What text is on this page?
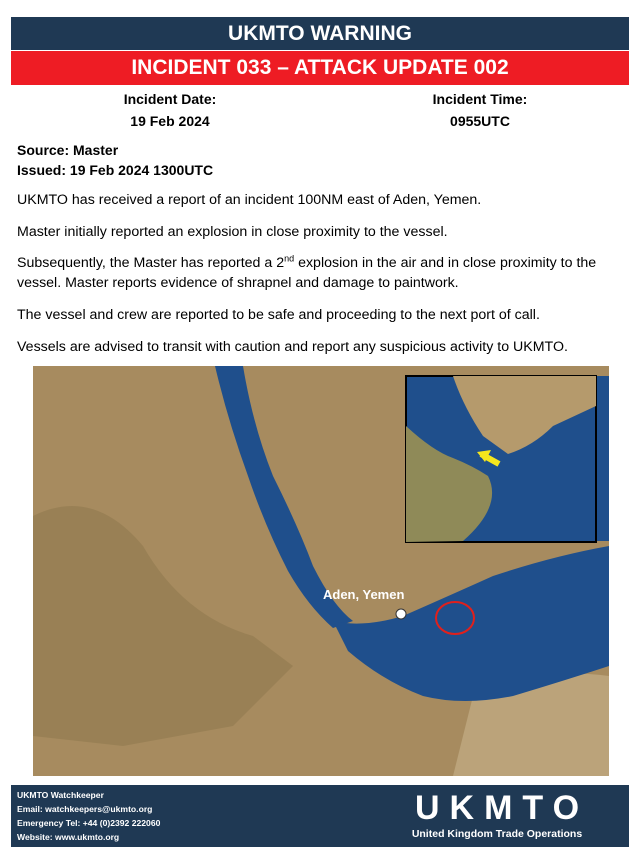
UKMTO WARNING
INCIDENT 033 – ATTACK UPDATE 002
Incident Date:
19 Feb 2024
Incident Time:
0955UTC
Source: Master
Issued: 19 Feb 2024 1300UTC
UKMTO has received a report of an incident 100NM east of Aden, Yemen.
Master initially reported an explosion in close proximity to the vessel.
Subsequently, the Master has reported a 2nd explosion in the air and in close proximity to the vessel. Master reports evidence of shrapnel and damage to paintwork.
The vessel and crew are reported to be safe and proceeding to the next port of call.
Vessels are advised to transit with caution and report any suspicious activity to UKMTO.
Aden, Yemen
UKMTO Watchkeeper
Email: watchkeepers@ukmto.org
Emergency Tel: +44 (0)2392 222060
Website: www.ukmto.org
UKMTO
United Kingdom Trade Operations
